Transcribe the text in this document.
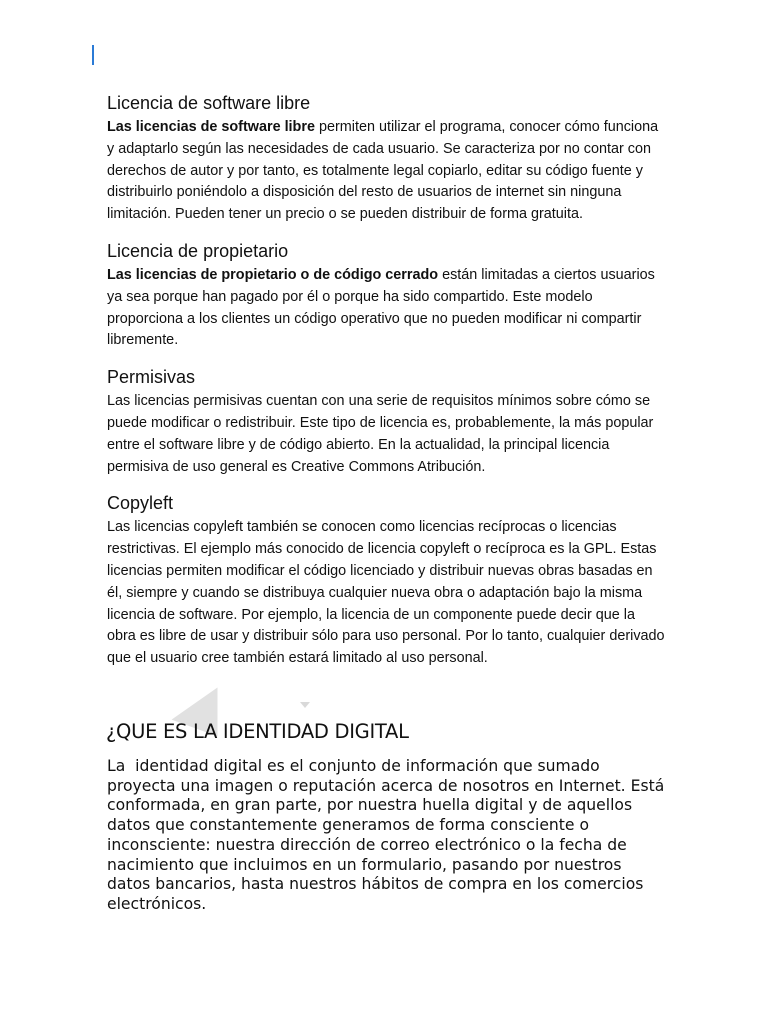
Licencia de software libre

Las licencias de software libre permiten utilizar el programa, conocer cómo funciona y adaptarlo según las necesidades de cada usuario. Se caracteriza por no contar con derechos de autor y por tanto, es totalmente legal copiarlo, editar su código fuente y distribuirlo poniéndolo a disposición del resto de usuarios de internet sin ninguna limitación. Pueden tener un precio o se pueden distribuir de forma gratuita.

Licencia de propietario

Las licencias de propietario o de código cerrado están limitadas a ciertos usuarios ya sea porque han pagado por él o porque ha sido compartido. Este modelo proporciona a los clientes un código operativo que no pueden modificar ni compartir libremente.

Permisivas

Las licencias permisivas cuentan con una serie de requisitos mínimos sobre cómo se puede modificar o redistribuir. Este tipo de licencia es, probablemente, la más popular entre el software libre y de código abierto. En la actualidad, la principal licencia permisiva de uso general es Creative Commons Atribución.

Copyleft

Las licencias copyleft también se conocen como licencias recíprocas o licencias restrictivas. El ejemplo más conocido de licencia copyleft o recíproca es la GPL. Estas licencias permiten modificar el código licenciado y distribuir nuevas obras basadas en él, siempre y cuando se distribuya cualquier nueva obra o adaptación bajo la misma licencia de software. Por ejemplo, la licencia de un componente puede decir que la obra es libre de usar y distribuir sólo para uso personal. Por lo tanto, cualquier derivado que el usuario cree también estará limitado al uso personal.

¿QUE ES LA IDENTIDAD DIGITAL

La  identidad digital es el conjunto de información que sumado proyecta una imagen o reputación acerca de nosotros en Internet. Está conformada, en gran parte, por nuestra huella digital y de aquellos datos que constantemente generamos de forma consciente o inconsciente: nuestra dirección de correo electrónico o la fecha de nacimiento que incluimos en un formulario, pasando por nuestros datos bancarios, hasta nuestros hábitos de compra en los comercios electrónicos.
